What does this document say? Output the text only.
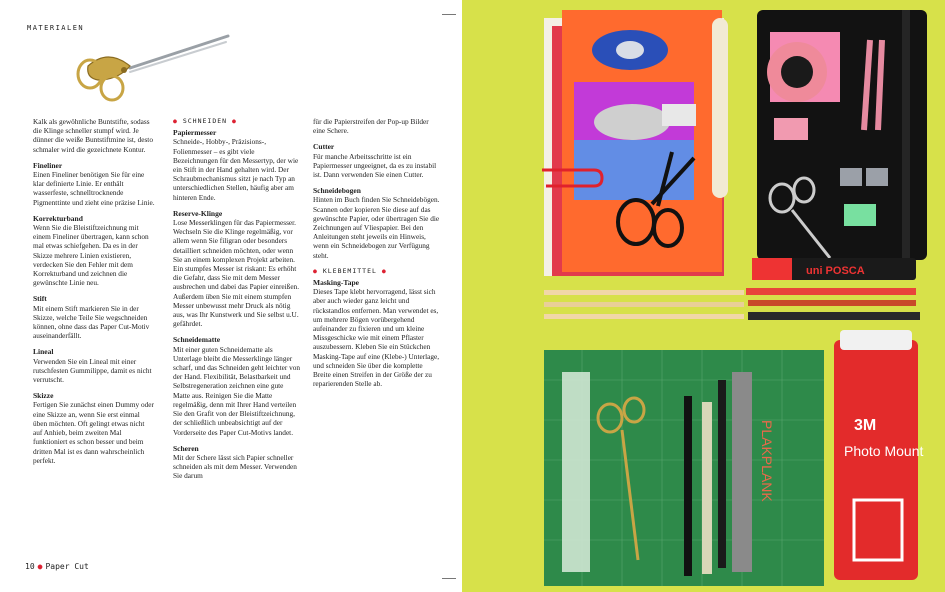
MATERIALEN

Kalk als gewöhnliche Buntstifte, sodass die Klinge schneller stumpf wird. Je dünner die weiße Buntstiftmine ist, desto schmaler wird die gezeichnete Kontur.

Fineliner

Einen Fineliner benötigen Sie für eine klar definierte Linie. Er enthält wasserfeste, schnelltrocknende Pigmenttinte und zieht eine präzise Linie.

Korrekturband

Wenn Sie die Bleistiftzeichnung mit einem Fineliner übertragen, kann schon mal etwas schiefgehen. Da es in der Skizze mehrere Linien existieren, verdecken Sie den Fehler mit dem Korrekturband und zeichnen die gewünschte Linie neu.

Stift

Mit einem Stift markieren Sie in der Skizze, welche Teile Sie wegschneiden können, ohne dass das Paper Cut-Motiv auseinanderfällt.

Lineal

Verwenden Sie ein Lineal mit einer rutschfesten Gummilippe, damit es nicht verrutscht.

Skizze

Fertigen Sie zunächst einen Dummy oder eine Skizze an, wenn Sie erst einmal üben möchten. Oft gelingt etwas nicht auf Anhieb, beim zweiten Mal funktioniert es schon besser und beim dritten Mal ist es dann wahrscheinlich perfekt.

● SCHNEIDEN ●
Papiermesser

Schneide-, Hobby-, Präzisions-, Folienmesser – es gibt viele Bezeichnungen für den Messertyp, der wie ein Stift in der Hand gehalten wird. Der Schraubmechanismus sitzt je nach Typ an unterschiedlichen Stellen, häufig aber am hinteren Ende.

Reserve-Klinge

Lose Messerklingen für das Papiermesser. Wechseln Sie die Klinge regelmäßig, vor allem wenn Sie filigran oder besonders detailliert schneiden möchten, oder wenn Sie an einem komplexen Projekt arbeiten. Ein stumpfes Messer ist riskant: Es erhöht die Gefahr, dass Sie mit dem Messer ausbrechen und dabei das Papier einreißen. Außerdem üben Sie mit einem stumpfen Messer unbewusst mehr Druck als nötig aus, was Ihr Kunstwerk und Sie selbst u.U. gefährdet.

Schneidematte

Mit einer guten Schneidematte als Unterlage bleibt die Messerklinge länger scharf, und das Schneiden geht leichter von der Hand. Flexibilität, Belastbarkeit und Selbstregeneration zeichnen eine gute Matte aus. Reinigen Sie die Matte regelmäßig, denn mit Ihrer Hand verteilen Sie den Grafit von der Bleistiftzeichnung, der schließlich unbeabsichtigt auf der Vorderseite des Paper Cut-Motivs landet.

Scheren

Mit der Schere lässt sich Papier schneller schneiden als mit dem Messer. Verwenden Sie darum

für die Papierstreifen der Pop-up Bilder eine Schere.

Cutter

Für manche Arbeitsschritte ist ein Papiermesser ungeeignet, da es zu instabil ist. Dann verwenden Sie einen Cutter.

Schneidebogen

Hinten im Buch finden Sie Schneidebögen. Scannen oder kopieren Sie diese auf das gewünschte Papier, oder übertragen Sie die Zeichnungen auf Vliespapier. Bei den Anleitungen steht jeweils ein Hinweis, wenn ein Schneidebogen zur Verfügung steht.

● KLEBEMITTEL ●
Masking-Tape

Dieses Tape klebt hervorragend, lässt sich aber auch wieder ganz leicht und rückstandlos entfernen. Man verwendet es, um mehrere Bögen vorübergehend aufeinander zu fixieren und um kleine Missgeschicke wie mit einem Pflaster auszubessern. Kleben Sie ein Stückchen Masking-Tape auf eine (Klebe-) Unterlage, und schneiden Sie über die komplette Breite einen Streifen in der Größe der zu reparierenden Stelle ab.

10 ● Paper Cut
uni POSCA
PLAKPLANK	3M
Photo Mount
